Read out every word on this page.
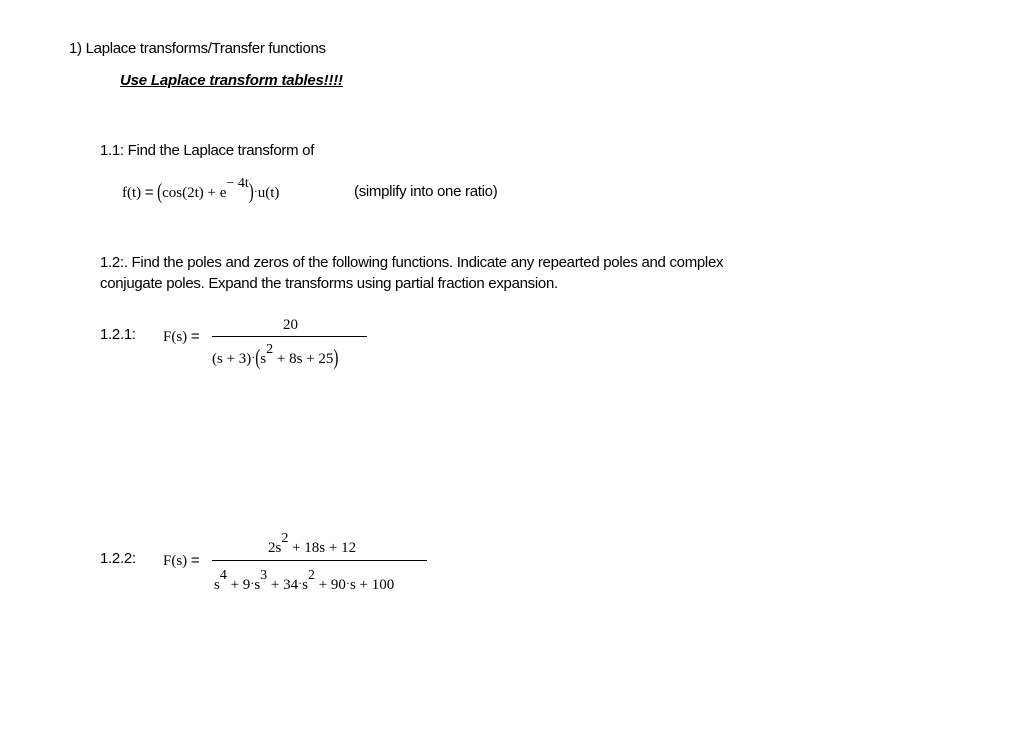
1) Laplace transforms/Transfer functions
Use Laplace transform tables!!!!
1.1: Find the Laplace transform of
f(t) = (cos(2t) + e− 4t)·u(t)	(simplify into one ratio)
1.2:. Find the poles and zeros of the following functions. Indicate any repearted poles and complex
conjugate poles. Expand the transforms using partial fraction expansion.
1.2.1: F(s) =
20
(s + 3)·(s2 + 8s + 25)
1.2.2: F(s) =
2s2 + 18s + 12
s4 + 9·s3 + 34·s2 + 90·s + 100
